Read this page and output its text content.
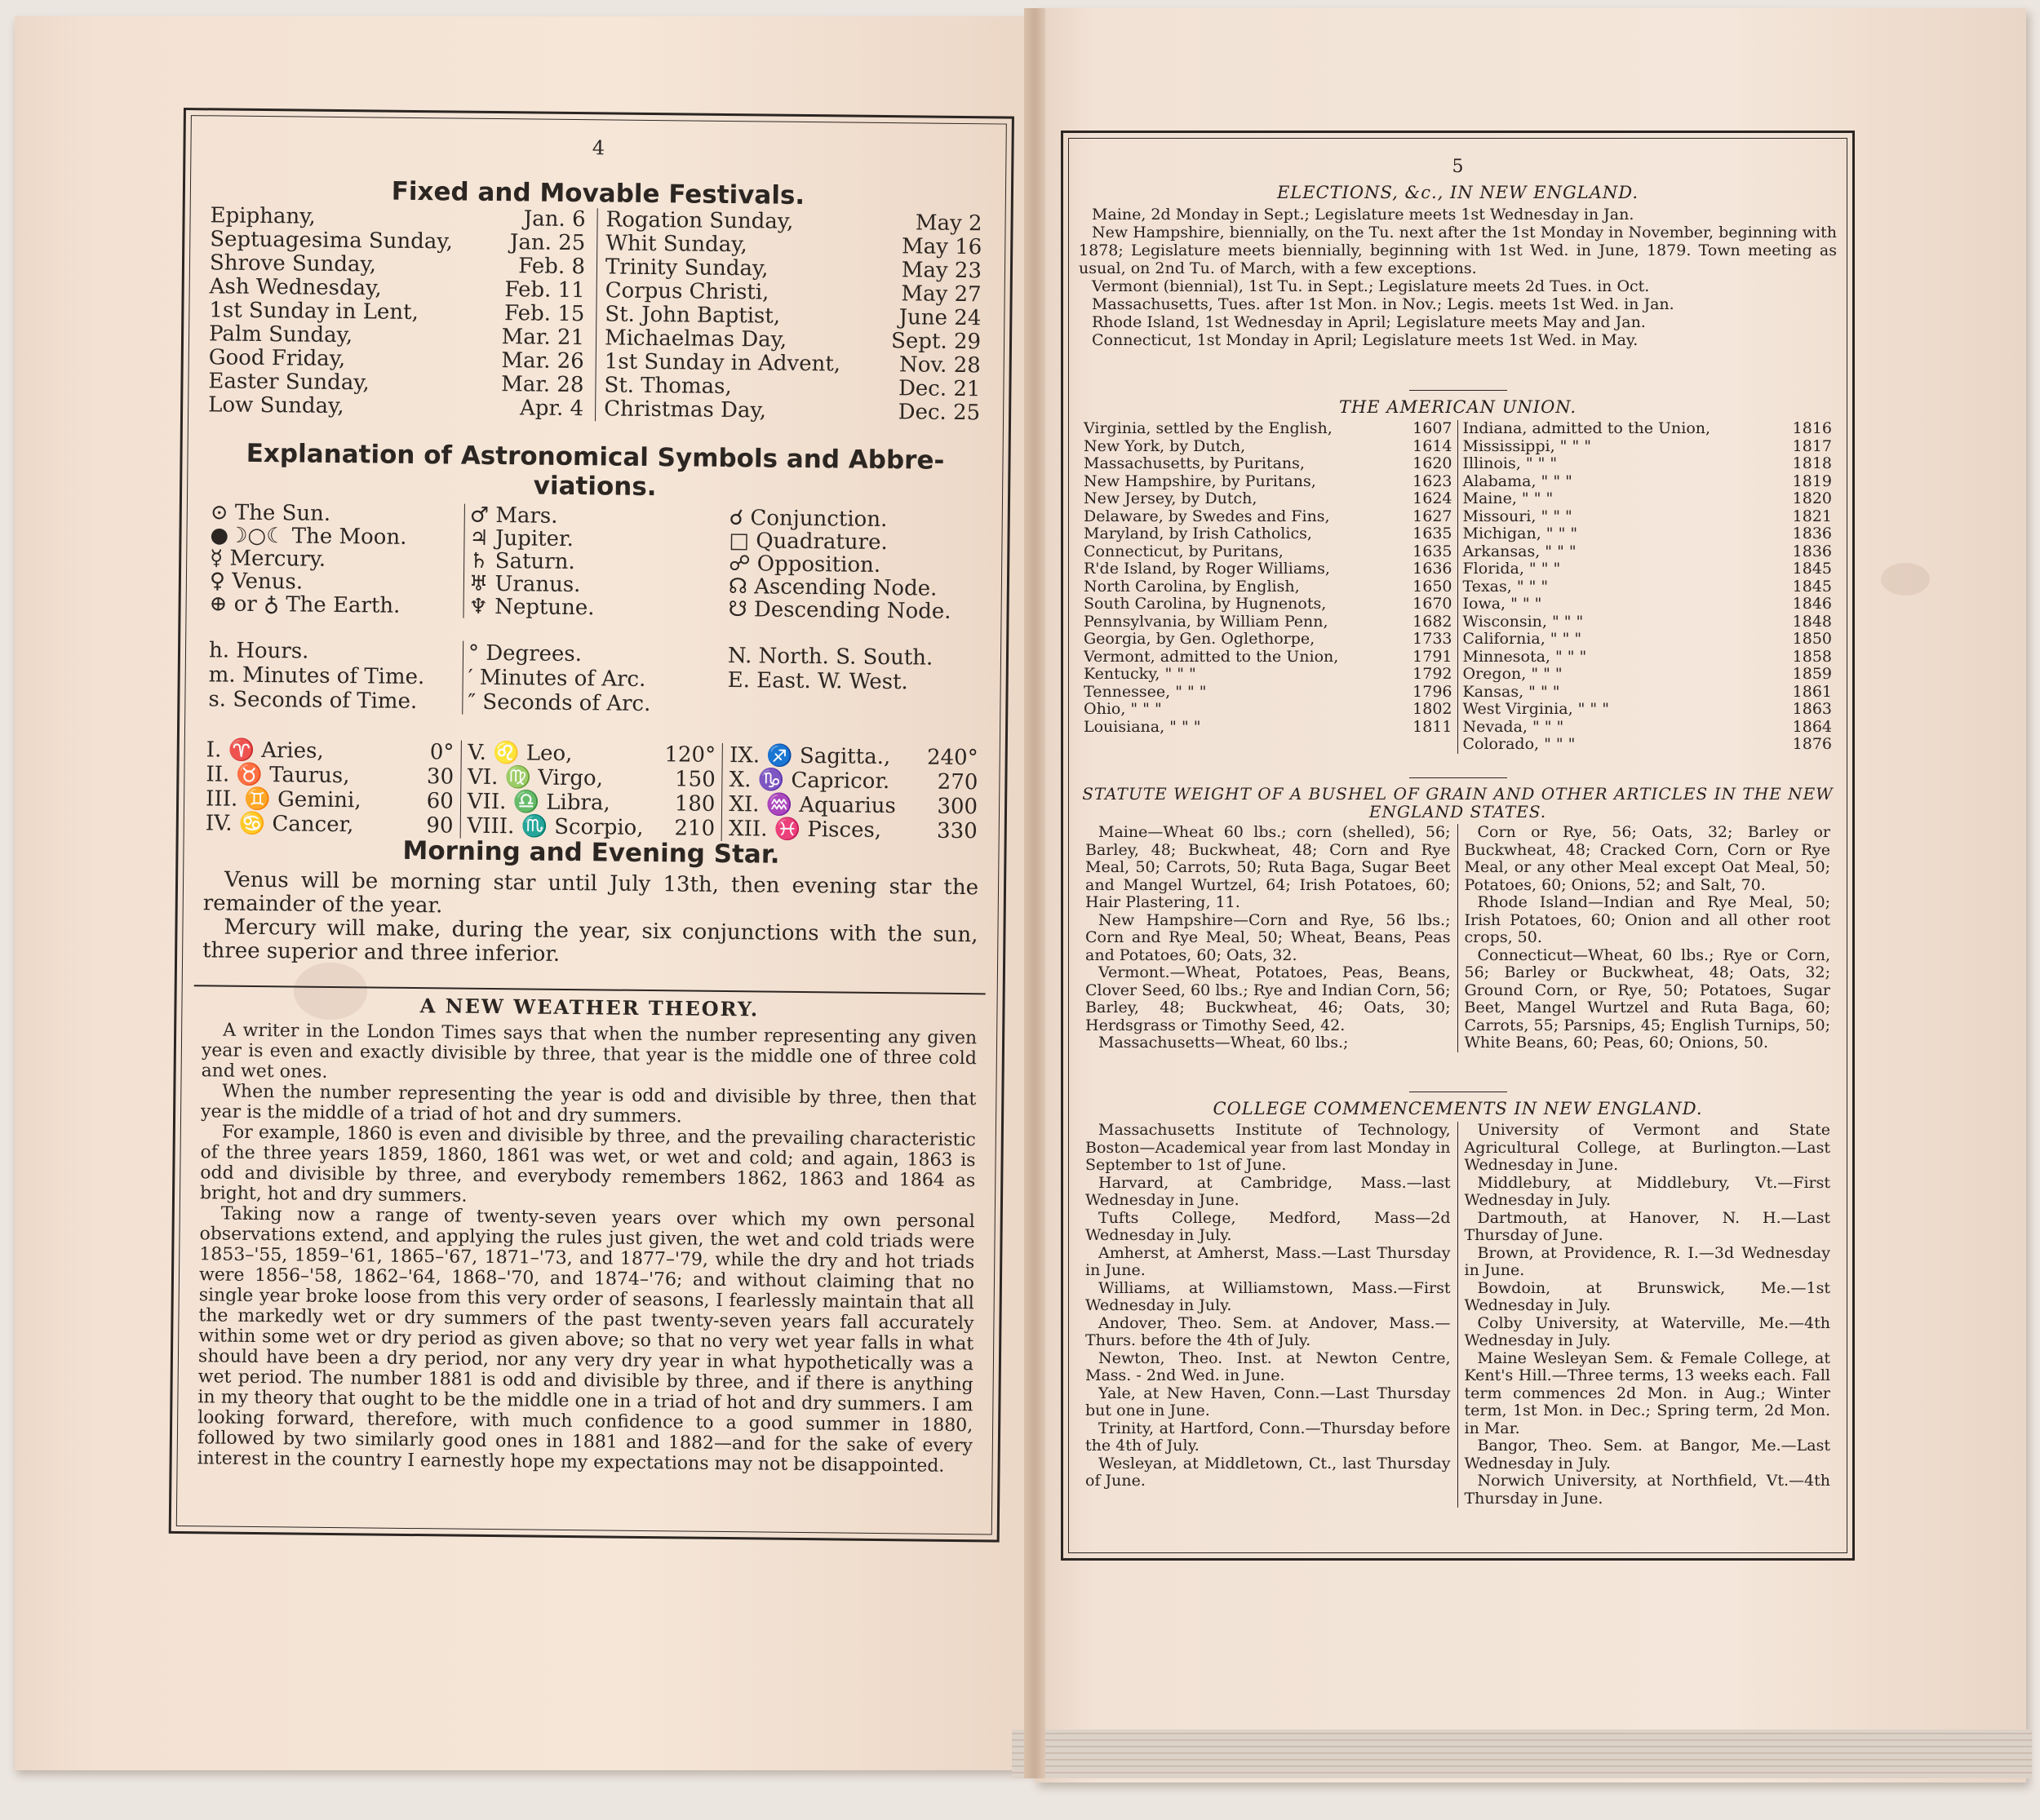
4
Fixed and Movable Festivals.
Epiphany,	Jan. 6
Septuagesima Sunday,	Jan. 25
Shrove Sunday,	Feb. 8
Ash Wednesday,	Feb. 11
1st Sunday in Lent,	Feb. 15
Palm Sunday,	Mar. 21
Good Friday,	Mar. 26
Easter Sunday,	Mar. 28
Low Sunday,	Apr. 4
Rogation Sunday,	May 2
Whit Sunday,	May 16
Trinity Sunday,	May 23
Corpus Christi,	May 27
St. John Baptist,	June 24
Michaelmas Day,	Sept. 29
1st Sunday in Advent,	Nov. 28
St. Thomas,	Dec. 21
Christmas Day,	Dec. 25
Explanation of Astronomical Symbols and Abbre-viations.
⊙ The Sun.
●☽○☾ The Moon.
☿ Mercury.
♀ Venus.
⊕ or ♁ The Earth.
♂ Mars.
♃ Jupiter.
♄ Saturn.
♅ Uranus.
♆ Neptune.
☌ Conjunction.
□ Quadrature.
☍ Opposition.
☊ Ascending Node.
☋ Descending Node.
h. Hours.
m. Minutes of Time.
s. Seconds of Time.
° Degrees.
′ Minutes of Arc.
″ Seconds of Arc.
N. North. S. South.
E. East. W. West.
I. ♈ Aries,	0°
II. ♉ Taurus,	30
III. ♊ Gemini,	60
IV. ♋ Cancer,	90
V. ♌ Leo,	120°
VI. ♍ Virgo,	150
VII. ♎ Libra,	180
VIII. ♏ Scorpio, 210
IX. ♐ Sagitta., 240°
X. ♑ Capricor. 270
XI. ♒ Aquarius 300
XII. ♓ Pisces,	330
Morning and Evening Star.

Venus will be morning star until July 13th, then evening star the remainder of the year.

Mercury will make, during the year, six conjunctions with the sun, three superior and three inferior.

A NEW WEATHER THEORY.

A writer in the London Times says that when the number representing any given year is even and exactly divisible by three, that year is the middle one of three cold and wet ones.

When the number representing the year is odd and divisible by three, then that year is the middle of a triad of hot and dry summers.

For example, 1860 is even and divisible by three, and the prevailing characteristic of the three years 1859, 1860, 1861 was wet, or wet and cold; and again, 1863 is odd and divisible by three, and everybody remembers 1862, 1863 and 1864 as bright, hot and dry summers.

Taking now a range of twenty-seven years over which my own personal observations extend, and applying the rules just given, the wet and cold triads were 1853–'55, 1859–'61, 1865–'67, 1871–'73, and 1877–'79, while the dry and hot triads were 1856–'58, 1862–'64, 1868–'70, and 1874–'76; and without claiming that no single year broke loose from this very order of seasons, I fearlessly maintain that all the markedly wet or dry summers of the past twenty-seven years fall accurately within some wet or dry period as given above; so that no very wet year falls in what should have been a dry period, nor any very dry year in what hypothetically was a wet period. The number 1881 is odd and divisible by three, and if there is anything in my theory that ought to be the middle one in a triad of hot and dry summers. I am looking forward, therefore, with much confidence to a good summer in 1880, followed by two similarly good ones in 1881 and 1882—and for the sake of every interest in the country I earnestly hope my expectations may not be disappointed.

5
ELECTIONS, &c., IN NEW ENGLAND.

Maine, 2d Monday in Sept.; Legislature meets 1st Wednesday in Jan.

New Hampshire, biennially, on the Tu. next after the 1st Monday in November, beginning with 1878; Legislature meets biennially, beginning with 1st Wed. in June, 1879. Town meeting as usual, on 2nd Tu. of March, with a few exceptions.

Vermont (biennial), 1st Tu. in Sept.; Legislature meets 2d Tues. in Oct.

Massachusetts, Tues. after 1st Mon. in Nov.; Legis. meets 1st Wed. in Jan.

Rhode Island, 1st Wednesday in April; Legislature meets May and Jan.

Connecticut, 1st Monday in April; Legislature meets 1st Wed. in May.

THE AMERICAN UNION.
Virginia, settled by the English,	1607
New York, by Dutch,	1614
Massachusetts, by Puritans,	1620
New Hampshire, by Puritans,	1623
New Jersey, by Dutch,	1624
Delaware, by Swedes and Fins,	1627
Maryland, by Irish Catholics,	1635
Connecticut, by Puritans,	1635
R'de Island, by Roger Williams,	1636
North Carolina, by English,	1650
South Carolina, by Hugnenots,	1670
Pennsylvania, by William Penn,	1682
Georgia, by Gen. Oglethorpe,	1733
Vermont, admitted to the Union,	1791
Kentucky, " " "	1792
Tennessee, " " "	1796
Ohio, " " "	1802
Louisiana, " " "	1811
Indiana, admitted to the Union,	1816
Mississippi, " " "	1817
Illinois, " " "	1818
Alabama, " " "	1819
Maine, " " "	1820
Missouri, " " "	1821
Michigan, " " "	1836
Arkansas, " " "	1836
Florida, " " "	1845
Texas, " " "	1845
Iowa, " " "	1846
Wisconsin, " " "	1848
California, " " "	1850
Minnesota, " " "	1858
Oregon, " " "	1859
Kansas, " " "	1861
West Virginia, " " "	1863
Nevada, " " "	1864
Colorado, " " "	1876
STATUTE WEIGHT OF A BUSHEL OF GRAIN AND OTHER ARTICLES IN THE NEW ENGLAND STATES.

Maine—Wheat 60 lbs.; corn (shelled), 56; Barley, 48; Buckwheat, 48; Corn and Rye Meal, 50; Carrots, 50; Ruta Baga, Sugar Beet and Mangel Wurtzel, 64; Irish Potatoes, 60; Hair Plastering, 11.

New Hampshire—Corn and Rye, 56 lbs.; Corn and Rye Meal, 50; Wheat, Beans, Peas and Potatoes, 60; Oats, 32.

Vermont.—Wheat, Potatoes, Peas, Beans, Clover Seed, 60 lbs.; Rye and Indian Corn, 56; Barley, 48; Buckwheat, 46; Oats, 30; Herdsgrass or Timothy Seed, 42.

Massachusetts—Wheat, 60 lbs.;

Corn or Rye, 56; Oats, 32; Barley or Buckwheat, 48; Cracked Corn, Corn or Rye Meal, or any other Meal except Oat Meal, 50; Potatoes, 60; Onions, 52; and Salt, 70.

Rhode Island—Indian and Rye Meal, 50; Irish Potatoes, 60; Onion and all other root crops, 50.

Connecticut—Wheat, 60 lbs.; Rye or Corn, 56; Barley or Buckwheat, 48; Oats, 32; Ground Corn, or Rye, 50; Potatoes, Sugar Beet, Mangel Wurtzel and Ruta Baga, 60; Carrots, 55; Parsnips, 45; English Turnips, 50; White Beans, 60; Peas, 60; Onions, 50.

COLLEGE COMMENCEMENTS IN NEW ENGLAND.

Massachusetts Institute of Technology, Boston—Academical year from last Monday in September to 1st of June.

Harvard, at Cambridge, Mass.—last Wednesday in June.

Tufts College, Medford, Mass—2d Wednesday in July.

Amherst, at Amherst, Mass.—Last Thursday in June.

Williams, at Williamstown, Mass.—First Wednesday in July.

Andover, Theo. Sem. at Andover, Mass.—Thurs. before the 4th of July.

Newton, Theo. Inst. at Newton Centre, Mass. - 2nd Wed. in June.

Yale, at New Haven, Conn.—Last Thursday but one in June.

Trinity, at Hartford, Conn.—Thursday before the 4th of July.

Wesleyan, at Middletown, Ct., last Thursday of June.

University of Vermont and State Agricultural College, at Burlington.—Last Wednesday in June.

Middlebury, at Middlebury, Vt.—First Wednesday in July.

Dartmouth, at Hanover, N. H.—Last Thursday of June.

Brown, at Providence, R. I.—3d Wednesday in June.

Bowdoin, at Brunswick, Me.—1st Wednesday in July.

Colby University, at Waterville, Me.—4th Wednesday in July.

Maine Wesleyan Sem. & Female College, at Kent's Hill.—Three terms, 13 weeks each. Fall term commences 2d Mon. in Aug.; Winter term, 1st Mon. in Dec.; Spring term, 2d Mon. in Mar.

Bangor, Theo. Sem. at Bangor, Me.—Last Wednesday in July.

Norwich University, at Northfield, Vt.—4th Thursday in June.
